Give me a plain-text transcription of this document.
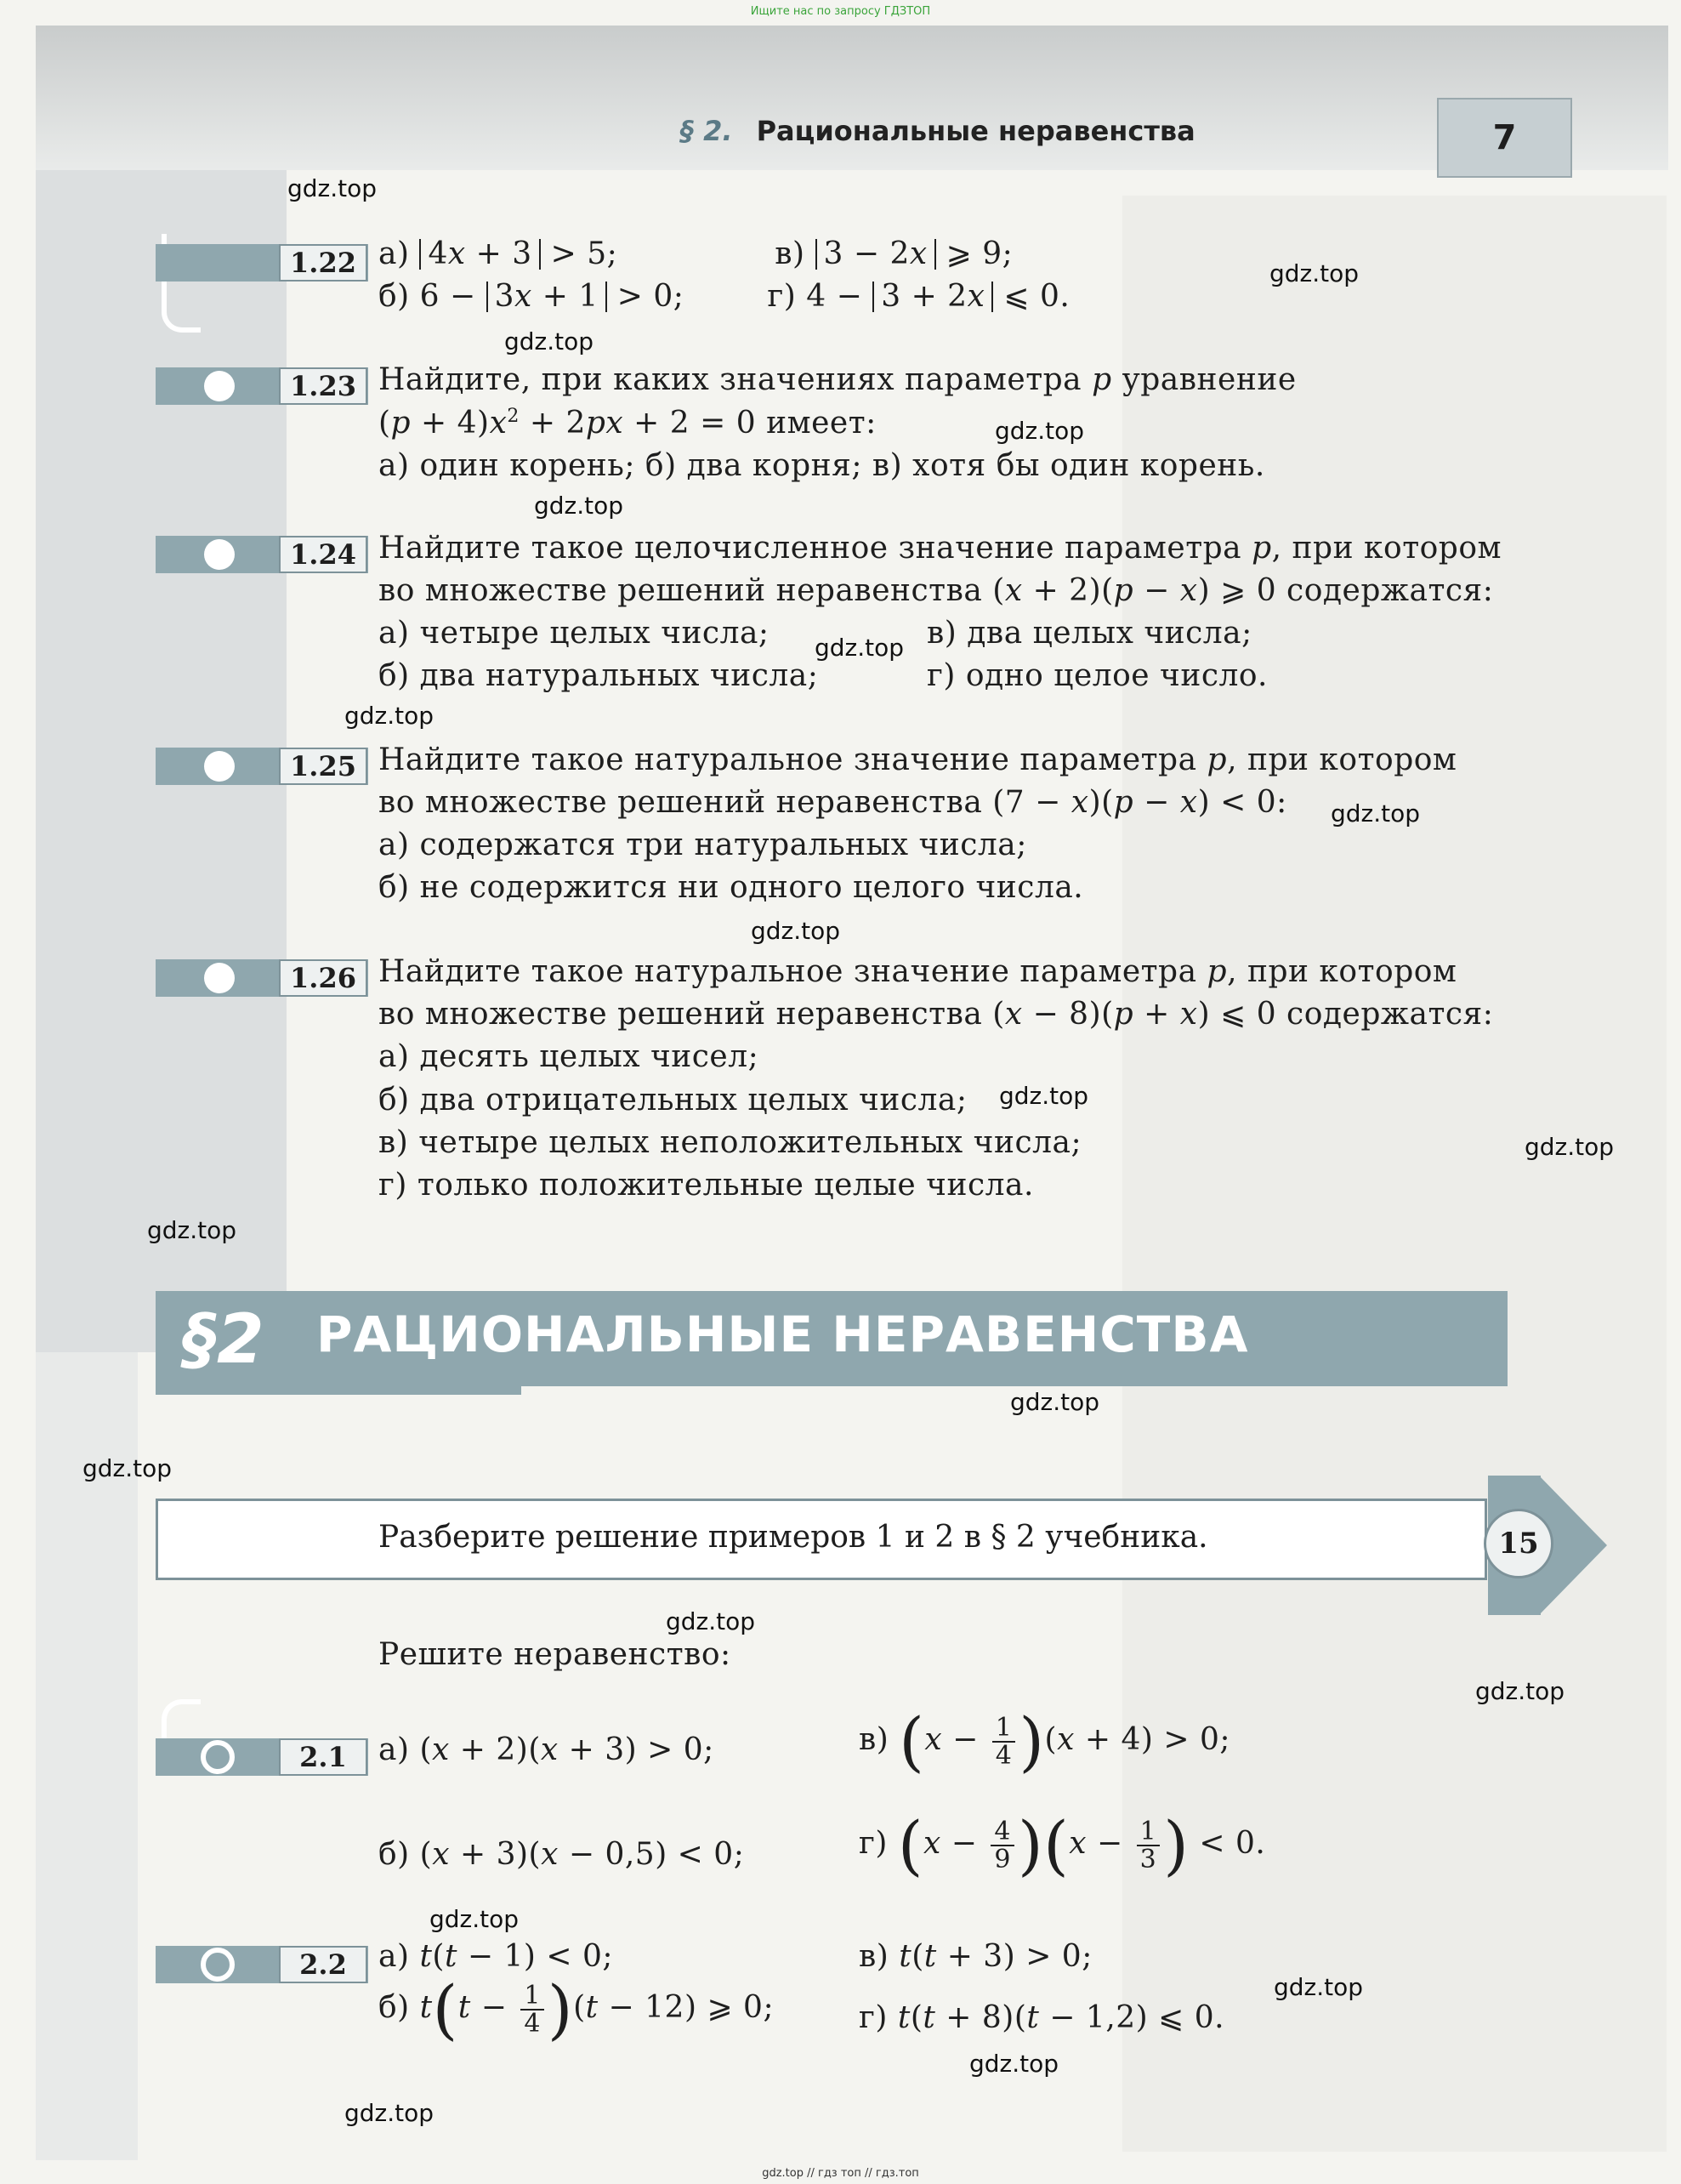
Ищите нас по запросу ГДЗТОП
§ 2. Рациональные неравенства	7
1.22 а) 4x + 3 > 5;	в) 3 − 2x ⩾ 9;
б) 6 − 3x + 1 > 0;	г) 4 − 3 + 2x ⩽ 0.
1.23 Найдите, при каких значениях параметра p уравнение
$(p + 4)x^2 + 2px + 2 = 0$ имеет:
а) один корень; б) два корня; в) хотя бы один корень.
1.24 Найдите такое целочисленное значение параметра p, при котором
во множестве решений неравенства (x + 2)(p − x) ⩾ 0 содержатся:
а) четыре целых числа;	в) два целых числа;
б) два натуральных числа;	г) одно целое число.
1.25 Найдите такое натуральное значение параметра p, при котором
во множестве решений неравенства (7 − x)(p − x) < 0:
а) содержатся три натуральных числа;
б) не содержится ни одного целого числа.
1.26 Найдите такое натуральное значение параметра p, при котором
во множестве решений неравенства (x − 8)(p + x) ⩽ 0 содержатся:
а) десять целых чисел;
б) два отрицательных целых числа;
в) четыре целых неположительных числа;
г) только положительные целые числа.
§2 РАЦИОНАЛЬНЫЕ НЕРАВЕНСТВА
Разберите решение примеров 1 и 2 в § 2 учебника.	15
Решите неравенство:
2.1	а) (x + 2)(x + 3) > 0;	в) $(x - \frac{1}{4} )(x + 4) > 0$;
б) (x + 3)(x − 0,5) < 0;	г) $(x - \frac{4}{9} )(x - \frac{1}{3}$ ) < 0.
2.2	а) t(t − 1) < 0;	в) t(t + 3) > 0;
б) $t(t - \frac{1}{4} )(t - 12)$ ⩾ 0;	г) t(t + 8)(t − 1,2) ⩽ 0.
gdz.top
gdz.top
gdz.top
gdz.top
gdz.top
gdz.top
gdz.top
gdz.top
gdz.top
gdz.top
gdz.top
gdz.top
gdz.top
gdz.top
gdz.top
gdz.top
gdz.top
gdz.top
gdz.top
gdz.top
gdz.top // гдз топ // гдз.топ
